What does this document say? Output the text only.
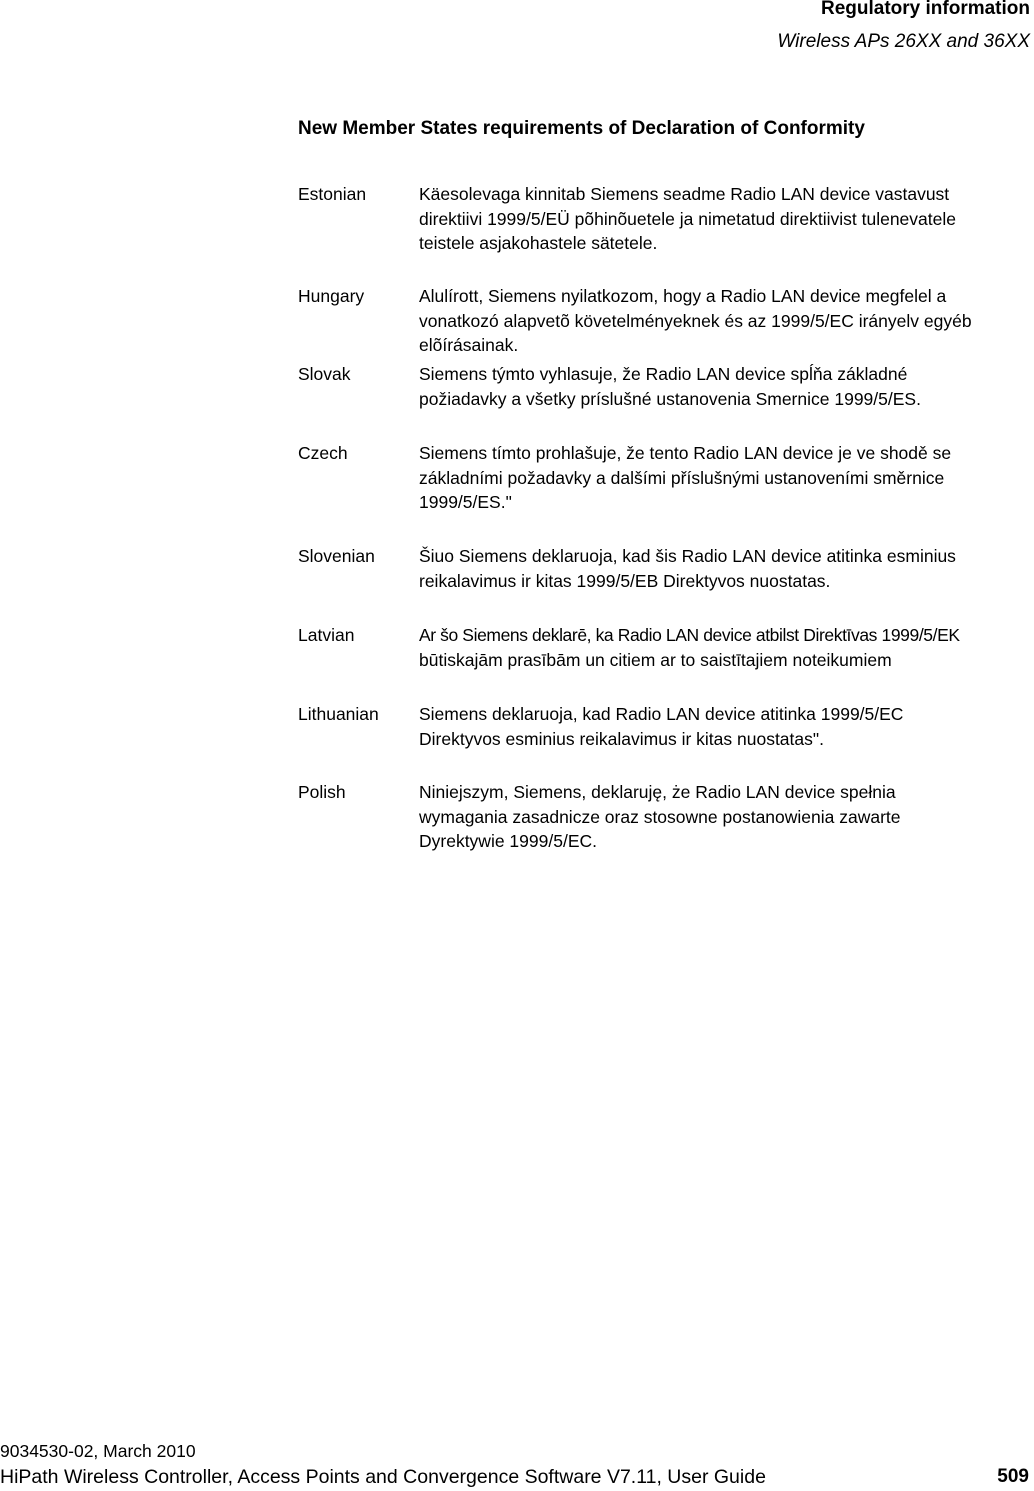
Regulatory information
Wireless APs 26XX and 36XX
New Member States requirements of Declaration of Conformity
Estonian	Käesolevaga kinnitab Siemens seadme Radio LAN device vastavust
direktiivi 1999/5/EÜ põhinõuetele ja nimetatud direktiivist tulenevatele
teistele asjakohastele sätetele.
Hungary	Alulírott, Siemens nyilatkozom, hogy a Radio LAN device megfelel a
vonatkozó alapvetõ követelményeknek és az 1999/5/EC irányelv egyéb
elõírásainak.
Slovak	Siemens týmto vyhlasuje, že Radio LAN device spĺňa základné
požiadavky a všetky príslušné ustanovenia Smernice 1999/5/ES.
Czech	Siemens tímto prohlašuje, že tento Radio LAN device je ve shodě se
základními požadavky a dalšími příslušnými ustanoveními směrnice
1999/5/ES."
Slovenian	Šiuo Siemens deklaruoja, kad šis Radio LAN device atitinka esminius
reikalavimus ir kitas 1999/5/EB Direktyvos nuostatas.
Latvian	Ar šo Siemens deklarē, ka Radio LAN device atbilst Direktīvas 1999/5/EK
būtiskajām prasībām un citiem ar to saistītajiem noteikumiem
Lithuanian	Siemens deklaruoja, kad Radio LAN device atitinka 1999/5/EC
Direktyvos esminius reikalavimus ir kitas nuostatas".
Polish	Niniejszym, Siemens, deklaruję, że Radio LAN device spełnia
wymagania zasadnicze oraz stosowne postanowienia zawarte
Dyrektywie 1999/5/EC.
9034530-02, March 2010
HiPath Wireless Controller, Access Points and Convergence Software V7.11, User Guide	509
